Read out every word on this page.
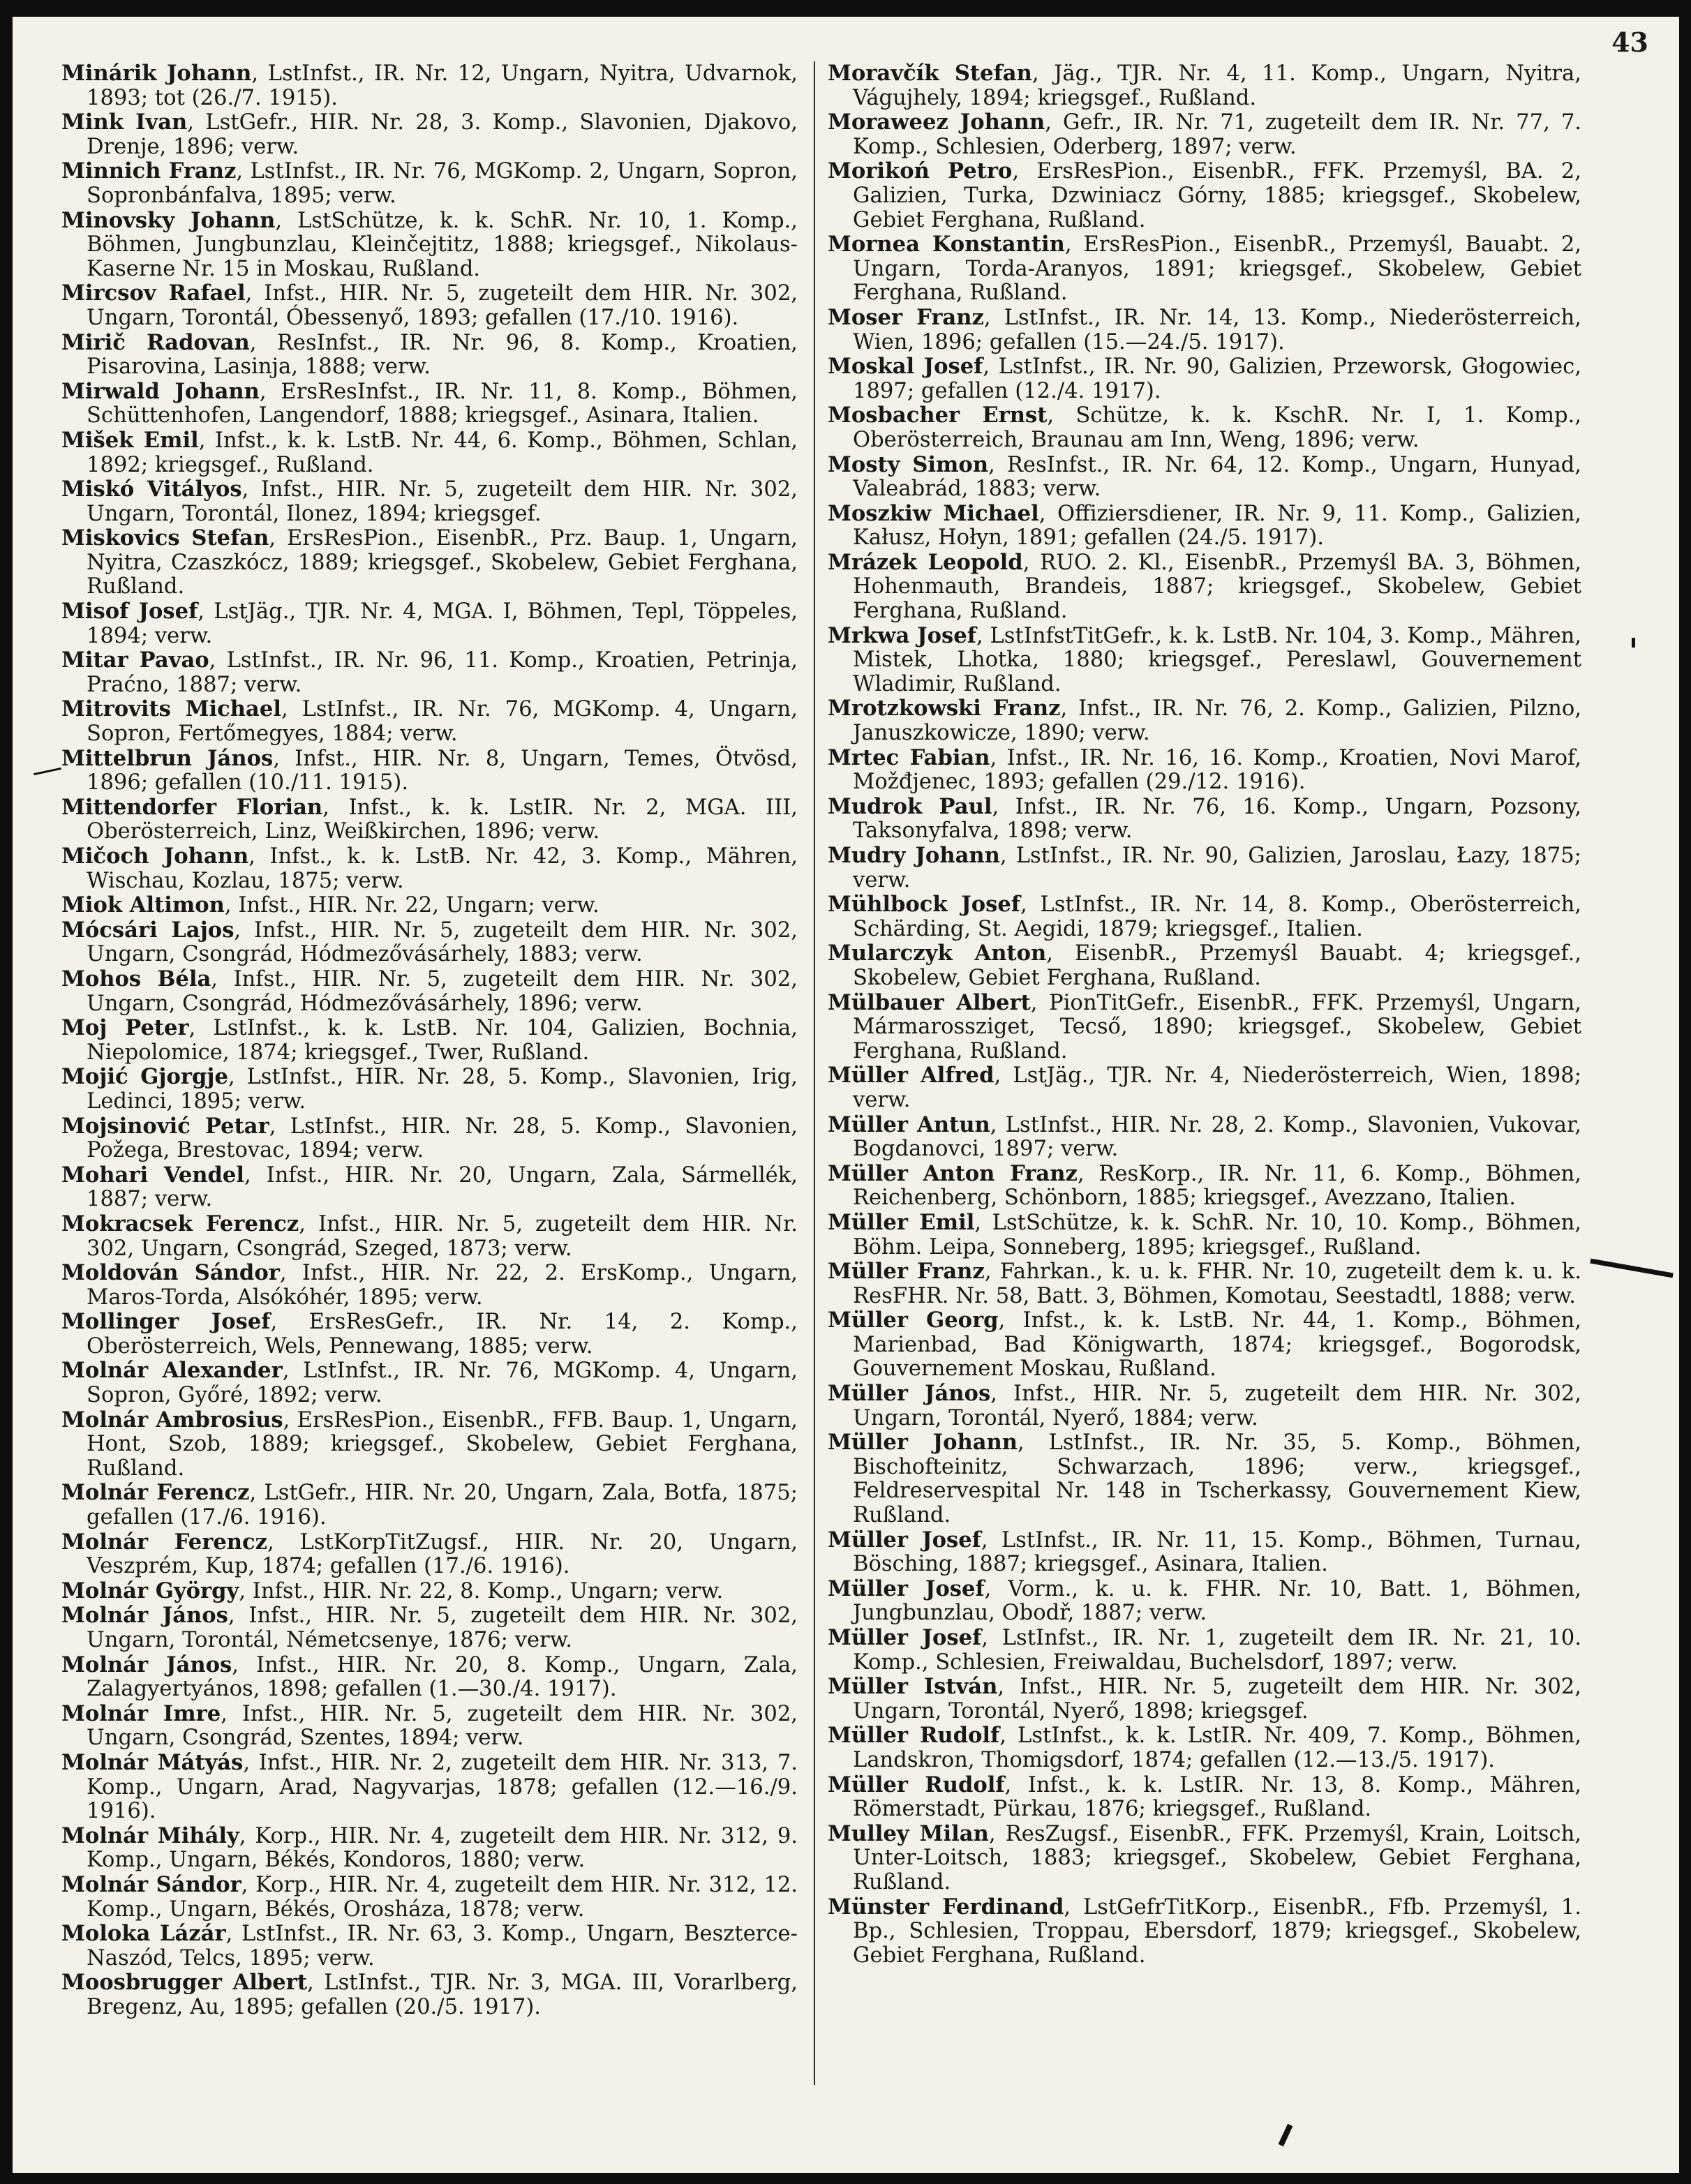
43
Minárik Johann, LstInfst., IR. Nr. 12, Ungarn, Nyitra, Udvarnok, 1893; tot (26./7. 1915).
Mink Ivan, LstGefr., HIR. Nr. 28, 3. Komp., Slavonien, Djakovo, Drenje, 1896; verw.
Minnich Franz, LstInfst., IR. Nr. 76, MGKomp. 2, Ungarn, Sopron, Sopronbánfalva, 1895; verw.
Minovsky Johann, LstSchütze, k. k. SchR. Nr. 10, 1. Komp., Böhmen, Jungbunzlau, Kleinčejtitz, 1888; kriegsgef., Nikolaus-Kaserne Nr. 15 in Moskau, Rußland.
Mircsov Rafael, Infst., HIR. Nr. 5, zugeteilt dem HIR. Nr. 302, Ungarn, Torontál, Óbessenyő, 1893; gefallen (17./10. 1916).
Mirič Radovan, ResInfst., IR. Nr. 96, 8. Komp., Kroatien, Pisarovina, Lasinja, 1888; verw.
Mirwald Johann, ErsResInfst., IR. Nr. 11, 8. Komp., Böhmen, Schüttenhofen, Langendorf, 1888; kriegsgef., Asinara, Italien.
Mišek Emil, Infst., k. k. LstB. Nr. 44, 6. Komp., Böhmen, Schlan, 1892; kriegsgef., Rußland.
Miskó Vitályos, Infst., HIR. Nr. 5, zugeteilt dem HIR. Nr. 302, Ungarn, Torontál, Ilonez, 1894; kriegsgef.
Miskovics Stefan, ErsResPion., EisenbR., Prz. Baup. 1, Ungarn, Nyitra, Czaszkócz, 1889; kriegsgef., Skobelew, Gebiet Ferghana, Rußland.
Misof Josef, LstJäg., TJR. Nr. 4, MGA. I, Böhmen, Tepl, Töppeles, 1894; verw.
Mitar Pavao, LstInfst., IR. Nr. 96, 11. Komp., Kroatien, Petrinja, Praćno, 1887; verw.
Mitrovits Michael, LstInfst., IR. Nr. 76, MGKomp. 4, Ungarn, Sopron, Fertőmegyes, 1884; verw.
Mittelbrun János, Infst., HIR. Nr. 8, Ungarn, Temes, Ötvösd, 1896; gefallen (10./11. 1915).
Mittendorfer Florian, Infst., k. k. LstIR. Nr. 2, MGA. III, Oberösterreich, Linz, Weißkirchen, 1896; verw.
Mičoch Johann, Infst., k. k. LstB. Nr. 42, 3. Komp., Mähren, Wischau, Kozlau, 1875; verw.
Miok Altimon, Infst., HIR. Nr. 22, Ungarn; verw.
Mócsári Lajos, Infst., HIR. Nr. 5, zugeteilt dem HIR. Nr. 302, Ungarn, Csongrád, Hódmezővásárhely, 1883; verw.
Mohos Béla, Infst., HIR. Nr. 5, zugeteilt dem HIR. Nr. 302, Ungarn, Csongrád, Hódmezővásárhely, 1896; verw.
Moj Peter, LstInfst., k. k. LstB. Nr. 104, Galizien, Bochnia, Niepolomice, 1874; kriegsgef., Twer, Rußland.
Mojić Gjorgje, LstInfst., HIR. Nr. 28, 5. Komp., Slavonien, Irig, Ledinci, 1895; verw.
Mojsinović Petar, LstInfst., HIR. Nr. 28, 5. Komp., Slavonien, Požega, Brestovac, 1894; verw.
Mohari Vendel, Infst., HIR. Nr. 20, Ungarn, Zala, Sármellék, 1887; verw.
Mokracsek Ferencz, Infst., HIR. Nr. 5, zugeteilt dem HIR. Nr. 302, Ungarn, Csongrád, Szeged, 1873; verw.
Moldován Sándor, Infst., HIR. Nr. 22, 2. ErsKomp., Ungarn, Maros-Torda, Alsókóhér, 1895; verw.
Mollinger Josef, ErsResGefr., IR. Nr. 14, 2. Komp., Oberösterreich, Wels, Pennewang, 1885; verw.
Molnár Alexander, LstInfst., IR. Nr. 76, MGKomp. 4, Ungarn, Sopron, Győré, 1892; verw.
Molnár Ambrosius, ErsResPion., EisenbR., FFB. Baup. 1, Ungarn, Hont, Szob, 1889; kriegsgef., Skobelew, Gebiet Ferghana, Rußland.
Molnár Ferencz, LstGefr., HIR. Nr. 20, Ungarn, Zala, Botfa, 1875; gefallen (17./6. 1916).
Molnár Ferencz, LstKorpTitZugsf., HIR. Nr. 20, Ungarn, Veszprém, Kup, 1874; gefallen (17./6. 1916).
Molnár György, Infst., HIR. Nr. 22, 8. Komp., Ungarn; verw.
Molnár János, Infst., HIR. Nr. 5, zugeteilt dem HIR. Nr. 302, Ungarn, Torontál, Németcsenye, 1876; verw.
Molnár János, Infst., HIR. Nr. 20, 8. Komp., Ungarn, Zala, Zalagyertyános, 1898; gefallen (1.—30./4. 1917).
Molnár Imre, Infst., HIR. Nr. 5, zugeteilt dem HIR. Nr. 302, Ungarn, Csongrád, Szentes, 1894; verw.
Molnár Mátyás, Infst., HIR. Nr. 2, zugeteilt dem HIR. Nr. 313, 7. Komp., Ungarn, Arad, Nagyvarjas, 1878; gefallen (12.—16./9. 1916).
Molnár Mihály, Korp., HIR. Nr. 4, zugeteilt dem HIR. Nr. 312, 9. Komp., Ungarn, Békés, Kondoros, 1880; verw.
Molnár Sándor, Korp., HIR. Nr. 4, zugeteilt dem HIR. Nr. 312, 12. Komp., Ungarn, Békés, Orosháza, 1878; verw.
Moloka Lázár, LstInfst., IR. Nr. 63, 3. Komp., Ungarn, Beszterce-Naszód, Telcs, 1895; verw.
Moosbrugger Albert, LstInfst., TJR. Nr. 3, MGA. III, Vorarlberg, Bregenz, Au, 1895; gefallen (20./5. 1917).
Moravčík Stefan, Jäg., TJR. Nr. 4, 11. Komp., Ungarn, Nyitra, Vágujhely, 1894; kriegsgef., Rußland.
Moraweez Johann, Gefr., IR. Nr. 71, zugeteilt dem IR. Nr. 77, 7. Komp., Schlesien, Oderberg, 1897; verw.
Morikoń Petro, ErsResPion., EisenbR., FFK. Przemyśl, BA. 2, Galizien, Turka, Dzwiniacz Górny, 1885; kriegsgef., Skobelew, Gebiet Ferghana, Rußland.
Mornea Konstantin, ErsResPion., EisenbR., Przemyśl, Bauabt. 2, Ungarn, Torda-Aranyos, 1891; kriegsgef., Skobelew, Gebiet Ferghana, Rußland.
Moser Franz, LstInfst., IR. Nr. 14, 13. Komp., Niederösterreich, Wien, 1896; gefallen (15.—24./5. 1917).
Moskal Josef, LstInfst., IR. Nr. 90, Galizien, Przeworsk, Głogowiec, 1897; gefallen (12./4. 1917).
Mosbacher Ernst, Schütze, k. k. KschR. Nr. I, 1. Komp., Oberösterreich, Braunau am Inn, Weng, 1896; verw.
Mosty Simon, ResInfst., IR. Nr. 64, 12. Komp., Ungarn, Hunyad, Valeabrád, 1883; verw.
Moszkiw Michael, Offiziersdiener, IR. Nr. 9, 11. Komp., Galizien, Kałusz, Hołyn, 1891; gefallen (24./5. 1917).
Mrázek Leopold, RUO. 2. Kl., EisenbR., Przemyśl BA. 3, Böhmen, Hohenmauth, Brandeis, 1887; kriegsgef., Skobelew, Gebiet Ferghana, Rußland.
Mrkwa Josef, LstInfstTitGefr., k. k. LstB. Nr. 104, 3. Komp., Mähren, Mistek, Lhotka, 1880; kriegsgef., Pereslawl, Gouvernement Wladimir, Rußland.
Mrotzkowski Franz, Infst., IR. Nr. 76, 2. Komp., Galizien, Pilzno, Januszkowicze, 1890; verw.
Mrtec Fabian, Infst., IR. Nr. 16, 16. Komp., Kroatien, Novi Marof, Možđjenec, 1893; gefallen (29./12. 1916).
Mudrok Paul, Infst., IR. Nr. 76, 16. Komp., Ungarn, Pozsony, Taksonyfalva, 1898; verw.
Mudry Johann, LstInfst., IR. Nr. 90, Galizien, Jaroslau, Łazy, 1875; verw.
Mühlbock Josef, LstInfst., IR. Nr. 14, 8. Komp., Oberösterreich, Schärding, St. Aegidi, 1879; kriegsgef., Italien.
Mularczyk Anton, EisenbR., Przemyśl Bauabt. 4; kriegsgef., Skobelew, Gebiet Ferghana, Rußland.
Mülbauer Albert, PionTitGefr., EisenbR., FFK. Przemyśl, Ungarn, Mármarossziget, Tecső, 1890; kriegsgef., Skobelew, Gebiet Ferghana, Rußland.
Müller Alfred, LstJäg., TJR. Nr. 4, Niederösterreich, Wien, 1898; verw.
Müller Antun, LstInfst., HIR. Nr. 28, 2. Komp., Slavonien, Vukovar, Bogdanovci, 1897; verw.
Müller Anton Franz, ResKorp., IR. Nr. 11, 6. Komp., Böhmen, Reichenberg, Schönborn, 1885; kriegsgef., Avezzano, Italien.
Müller Emil, LstSchütze, k. k. SchR. Nr. 10, 10. Komp., Böhmen, Böhm. Leipa, Sonneberg, 1895; kriegsgef., Rußland.
Müller Franz, Fahrkan., k. u. k. FHR. Nr. 10, zugeteilt dem k. u. k. ResFHR. Nr. 58, Batt. 3, Böhmen, Komotau, Seestadtl, 1888; verw.
Müller Georg, Infst., k. k. LstB. Nr. 44, 1. Komp., Böhmen, Marienbad, Bad Königwarth, 1874; kriegsgef., Bogorodsk, Gouvernement Moskau, Rußland.
Müller János, Infst., HIR. Nr. 5, zugeteilt dem HIR. Nr. 302, Ungarn, Torontál, Nyerő, 1884; verw.
Müller Johann, LstInfst., IR. Nr. 35, 5. Komp., Böhmen, Bischofteinitz, Schwarzach, 1896; verw., kriegsgef., Feldreservespital Nr. 148 in Tscherkassy, Gouvernement Kiew, Rußland.
Müller Josef, LstInfst., IR. Nr. 11, 15. Komp., Böhmen, Turnau, Bösching, 1887; kriegsgef., Asinara, Italien.
Müller Josef, Vorm., k. u. k. FHR. Nr. 10, Batt. 1, Böhmen, Jungbunzlau, Obodř, 1887; verw.
Müller Josef, LstInfst., IR. Nr. 1, zugeteilt dem IR. Nr. 21, 10. Komp., Schlesien, Freiwaldau, Buchelsdorf, 1897; verw.
Müller István, Infst., HIR. Nr. 5, zugeteilt dem HIR. Nr. 302, Ungarn, Torontál, Nyerő, 1898; kriegsgef.
Müller Rudolf, LstInfst., k. k. LstIR. Nr. 409, 7. Komp., Böhmen, Landskron, Thomigsdorf, 1874; gefallen (12.—13./5. 1917).
Müller Rudolf, Infst., k. k. LstIR. Nr. 13, 8. Komp., Mähren, Römerstadt, Pürkau, 1876; kriegsgef., Rußland.
Mulley Milan, ResZugsf., EisenbR., FFK. Przemyśl, Krain, Loitsch, Unter-Loitsch, 1883; kriegsgef., Skobelew, Gebiet Ferghana, Rußland.
Münster Ferdinand, LstGefrTitKorp., EisenbR., Ffb. Przemyśl, 1. Bp., Schlesien, Troppau, Ebersdorf, 1879; kriegsgef., Skobelew, Gebiet Ferghana, Rußland.
